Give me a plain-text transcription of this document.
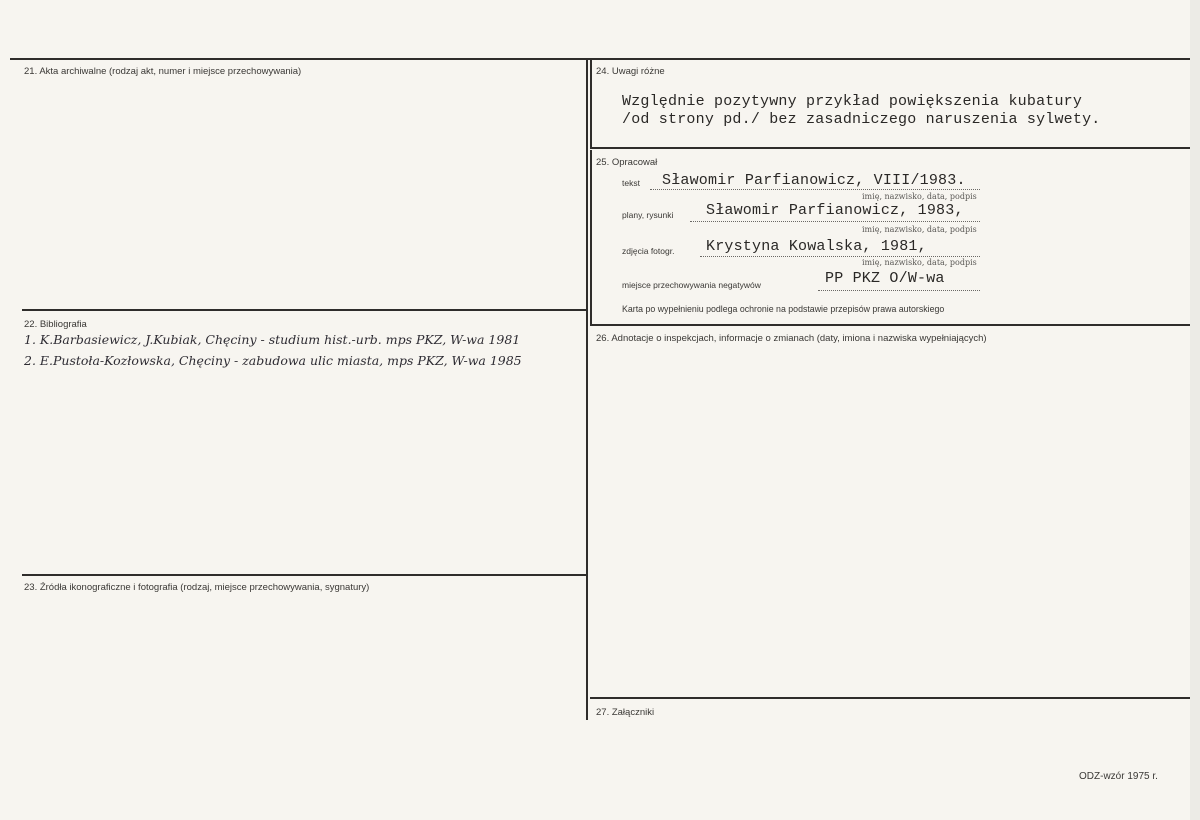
21. Akta archiwalne (rodzaj akt, numer i miejsce przechowywania)
22. Bibliografia
1. K.Barbasiewicz, J.Kubiak, Chęciny - studium hist.-urb. mps PKZ, W-wa 1981
2. E.Pustoła-Kozłowska, Chęciny - zabudowa ulic miasta, mps PKZ, W-wa 1985
23. Źródła ikonograficzne i fotografia (rodzaj, miejsce przechowywania, sygnatury)
24. Uwagi różne
Względnie pozytywny przykład powiększenia kubatury
/od strony pd./ bez zasadniczego naruszenia sylwety.
25. Opracował
tekst Sławomir Parfianowicz, VIII/1983.
imię, nazwisko, data, podpis
plany, rysunki Sławomir Parfianowicz, 1983,
imię, nazwisko, data, podpis
zdjęcia fotogr. Krystyna Kowalska, 1981,
imię, nazwisko, data, podpis
miejsce przechowywania negatywów	PP PKZ O/W-wa
Karta po wypełnieniu podlega ochronie na podstawie przepisów prawa autorskiego
26. Adnotacje o inspekcjach, informacje o zmianach (daty, imiona i nazwiska wypełniających)
27. Załączniki
ODZ-wzór 1975 r.
